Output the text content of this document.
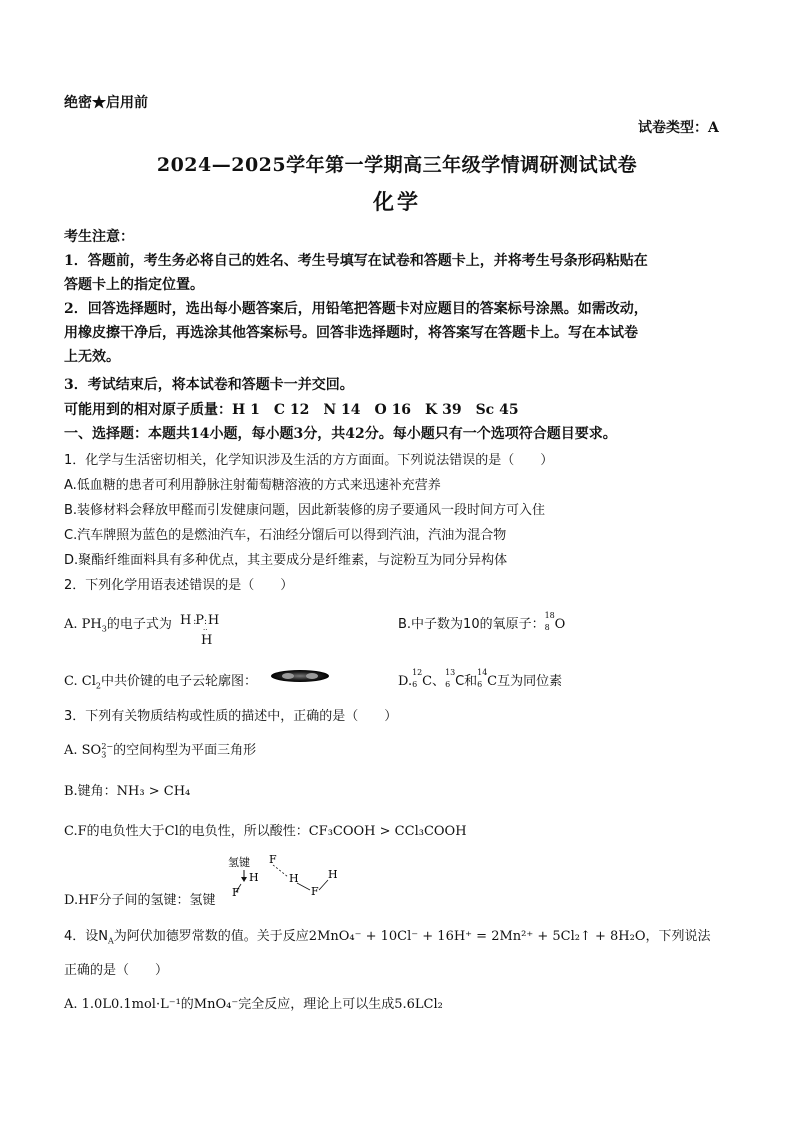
绝密★启用前
试卷类型：A
2024—2025学年第一学期高三年级学情调研测试试卷
化学
考生注意：
1．答题前，考生务必将自己的姓名、考生号填写在试卷和答题卡上，并将考生号条形码粘贴在
答题卡上的指定位置。
2．回答选择题时，选出每小题答案后，用铅笔把答题卡对应题目的答案标号涂黑。如需改动，
用橡皮擦干净后，再选涂其他答案标号。回答非选择题时，将答案写在答题卡上。写在本试卷
上无效。
3．考试结束后，将本试卷和答题卡一并交回。
可能用到的相对原子质量：H 1　C 12　N 14　O 16　K 39　Sc 45
一、选择题：本题共14小题，每小题3分，共42分。每小题只有一个选项符合题目要求。
1．化学与生活密切相关，化学知识涉及生活的方方面面。下列说法错误的是（　　）
A.低血糖的患者可利用静脉注射葡萄糖溶液的方式来迅速补充营养
B.装修材料会释放甲醛而引发健康问题，因此新装修的房子要通风一段时间方可入住
C.汽车牌照为蓝色的是燃油汽车，石油经分馏后可以得到汽油，汽油为混合物
D.聚酯纤维面料具有多种优点，其主要成分是纤维素，与淀粉互为同分异构体
2．下列化学用语表述错误的是（　　）
A. $PH_3$的电子式为 H :P: H
··
H
B.中子数为10的氧原子：
18
8 O
C. $Cl_2$中共价键的电子云轮廓图：	D.
12
6 C、
13
6 C和
14
6 C互为同位素
3．下列有关物质结构或性质的描述中，正确的是（　　）
A. $SO_3^{2-}$的空间构型为平面三角形
B.键角：NH₃ > CH₄
C.F的电负性大于Cl的电负性，所以酸性：CF₃COOH > CCl₃COOH
D.HF分子间的氢键：氢键
氢键
H
F
H
F
H
F
4．设$N_A$为阿伏加德罗常数的值。关于反应2MnO₄⁻ + 10Cl⁻ + 16H⁺ = 2Mn²⁺ + 5Cl₂↑ + 8H₂O，下列说法
正确的是（　　）
A. 1.0L0.1mol·L⁻¹的MnO₄⁻完全反应，理论上可以生成5.6LCl₂
